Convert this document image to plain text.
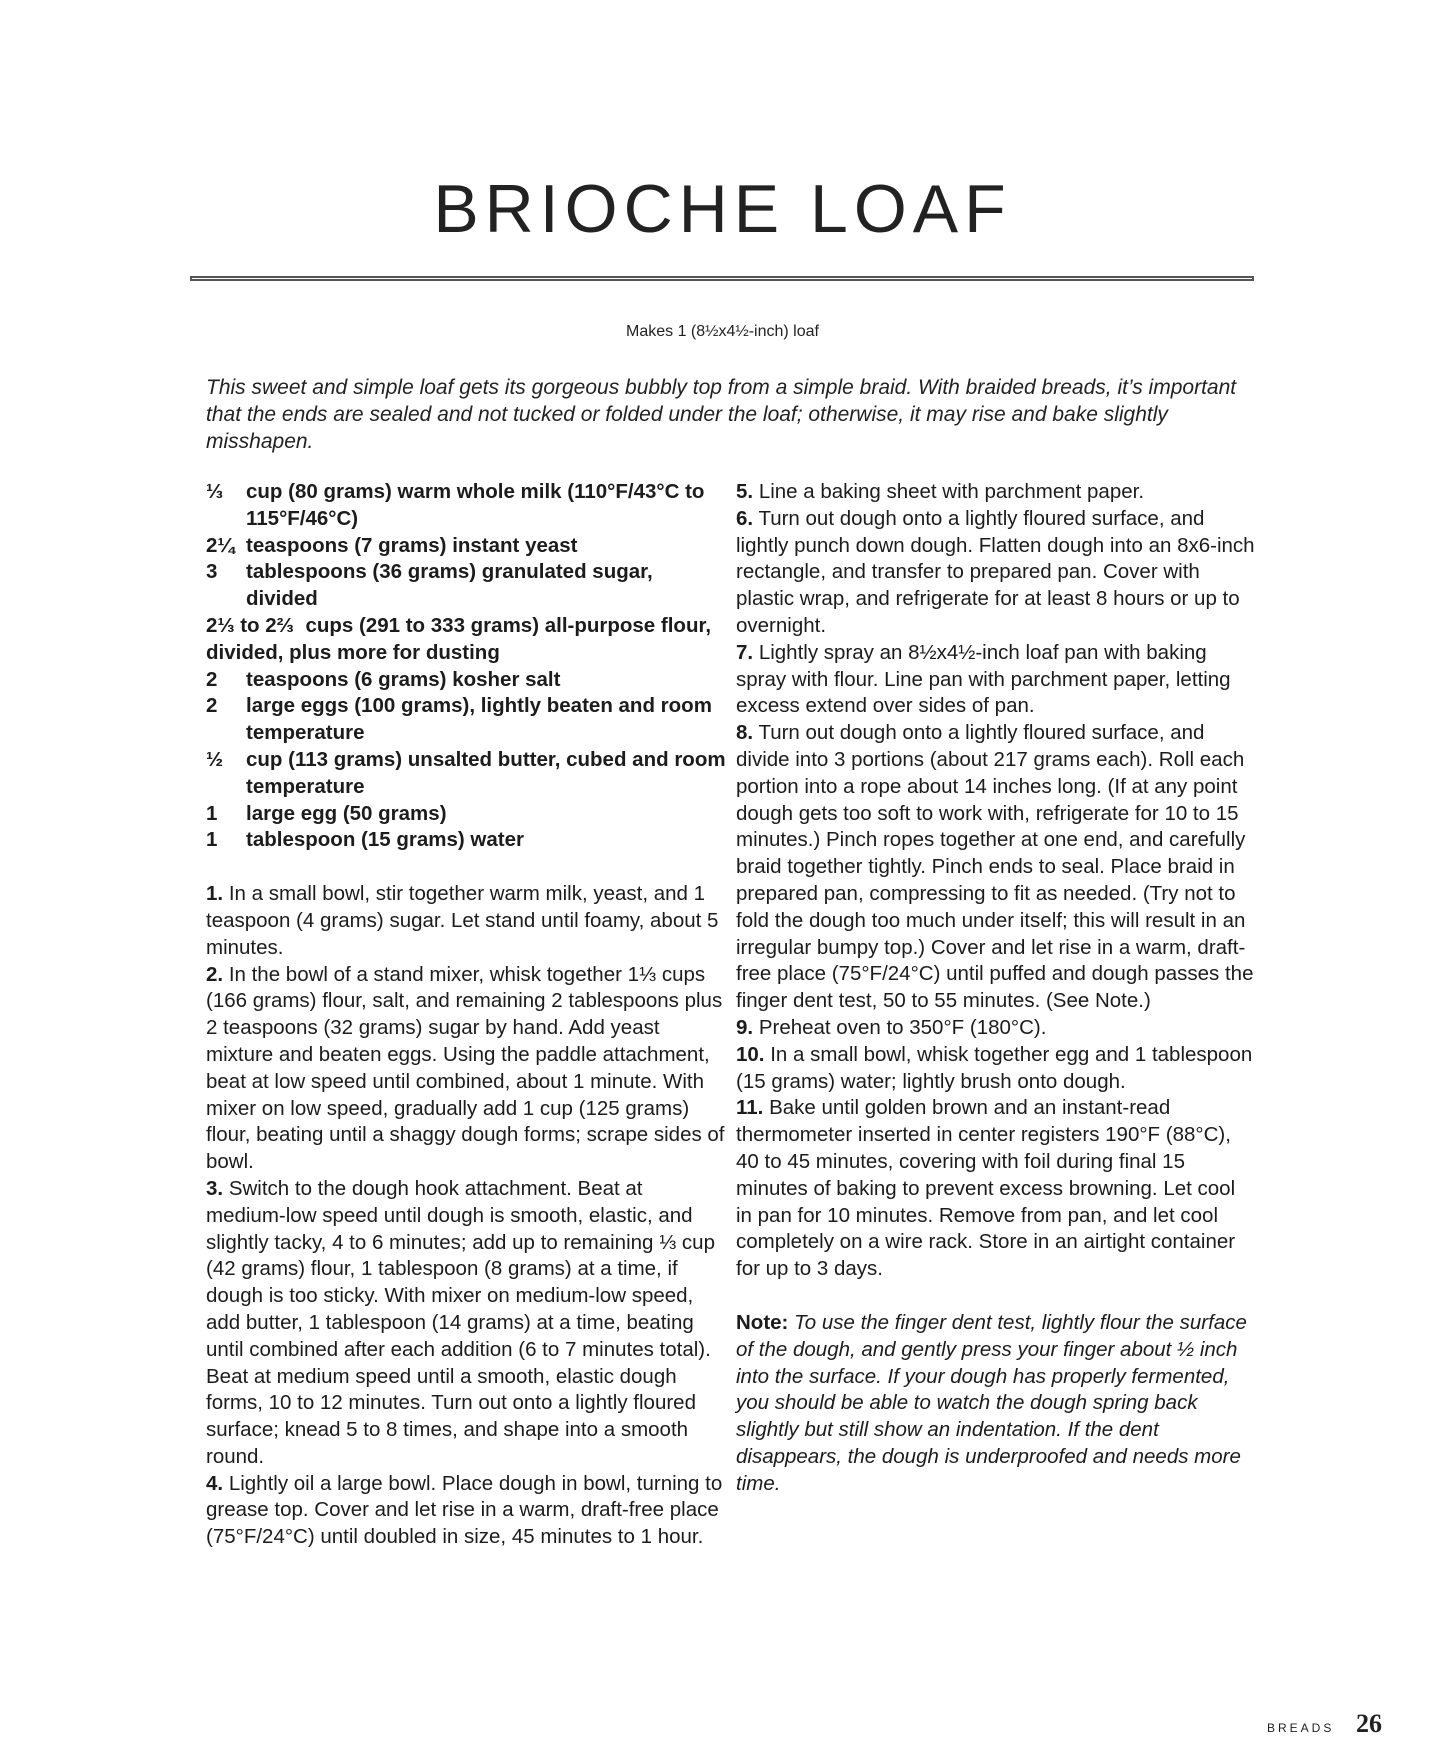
BRIOCHE LOAF
Makes 1 (8½x4½-inch) loaf

This sweet and simple loaf gets its gorgeous bubbly top from a simple braid. With braided breads, it’s important that the ends are sealed and not tucked or folded under the loaf; otherwise, it may rise and bake slightly misshapen.

⅓	cup (80 grams) warm whole milk (110°F/43°C to 115°F/46°C)
2¼ teaspoons (7 grams) instant yeast
3	tablespoons (36 grams) granulated sugar, divided
2⅓ to 2⅔ cups (291 to 333 grams) all-purpose flour, divided, plus more for dusting
2	teaspoons (6 grams) kosher salt
2	large eggs (100 grams), lightly beaten and room temperature
½	cup (113 grams) unsalted butter, cubed and room temperature
1	large egg (50 grams)
1	tablespoon (15 grams) water

1. In a small bowl, stir together warm milk, yeast, and 1 teaspoon (4 grams) sugar. Let stand until foamy, about 5 minutes.

2. In the bowl of a stand mixer, whisk together 1⅓ cups (166 grams) flour, salt, and remaining 2 tablespoons plus 2 teaspoons (32 grams) sugar by hand. Add yeast mixture and beaten eggs. Using the paddle attachment, beat at low speed until combined, about 1 minute. With mixer on low speed, gradually add 1 cup (125 grams) flour, beating until a shaggy dough forms; scrape sides of bowl.

3. Switch to the dough hook attachment. Beat at medium-low speed until dough is smooth, elastic, and slightly tacky, 4 to 6 minutes; add up to remaining ⅓ cup (42 grams) flour, 1 tablespoon (8 grams) at a time, if dough is too sticky. With mixer on medium-low speed, add butter, 1 tablespoon (14 grams) at a time, beating until combined after each addition (6 to 7 minutes total). Beat at medium speed until a smooth, elastic dough forms, 10 to 12 minutes. Turn out onto a lightly floured surface; knead 5 to 8 times, and shape into a smooth round.

4. Lightly oil a large bowl. Place dough in bowl, turning to grease top. Cover and let rise in a warm, draft-free place (75°F/24°C) until doubled in size, 45 minutes to 1 hour.

5. Line a baking sheet with parchment paper.

6. Turn out dough onto a lightly floured surface, and lightly punch down dough. Flatten dough into an 8x6-inch rectangle, and transfer to prepared pan. Cover with plastic wrap, and refrigerate for at least 8 hours or up to overnight.

7. Lightly spray an 8½x4½-inch loaf pan with baking spray with flour. Line pan with parchment paper, letting excess extend over sides of pan.

8. Turn out dough onto a lightly floured surface, and divide into 3 portions (about 217 grams each). Roll each portion into a rope about 14 inches long. (If at any point dough gets too soft to work with, refrigerate for 10 to 15 minutes.) Pinch ropes together at one end, and carefully braid together tightly. Pinch ends to seal. Place braid in prepared pan, compressing to fit as needed. (Try not to fold the dough too much under itself; this will result in an irregular bumpy top.) Cover and let rise in a warm, draft-free place (75°F/24°C) until puffed and dough passes the finger dent test, 50 to 55 minutes. (See Note.)

9. Preheat oven to 350°F (180°C).

10. In a small bowl, whisk together egg and 1 tablespoon (15 grams) water; lightly brush onto dough.

11. Bake until golden brown and an instant-read thermometer inserted in center registers 190°F (88°C), 40 to 45 minutes, covering with foil during final 15 minutes of baking to prevent excess browning. Let cool in pan for 10 minutes. Remove from pan, and let cool completely on a wire rack. Store in an airtight container for up to 3 days.

Note: To use the finger dent test, lightly flour the surface of the dough, and gently press your finger about ½ inch into the surface. If your dough has properly fermented, you should be able to watch the dough spring back slightly but still show an indentation. If the dent disappears, the dough is underproofed and needs more time.

BREADS 26
